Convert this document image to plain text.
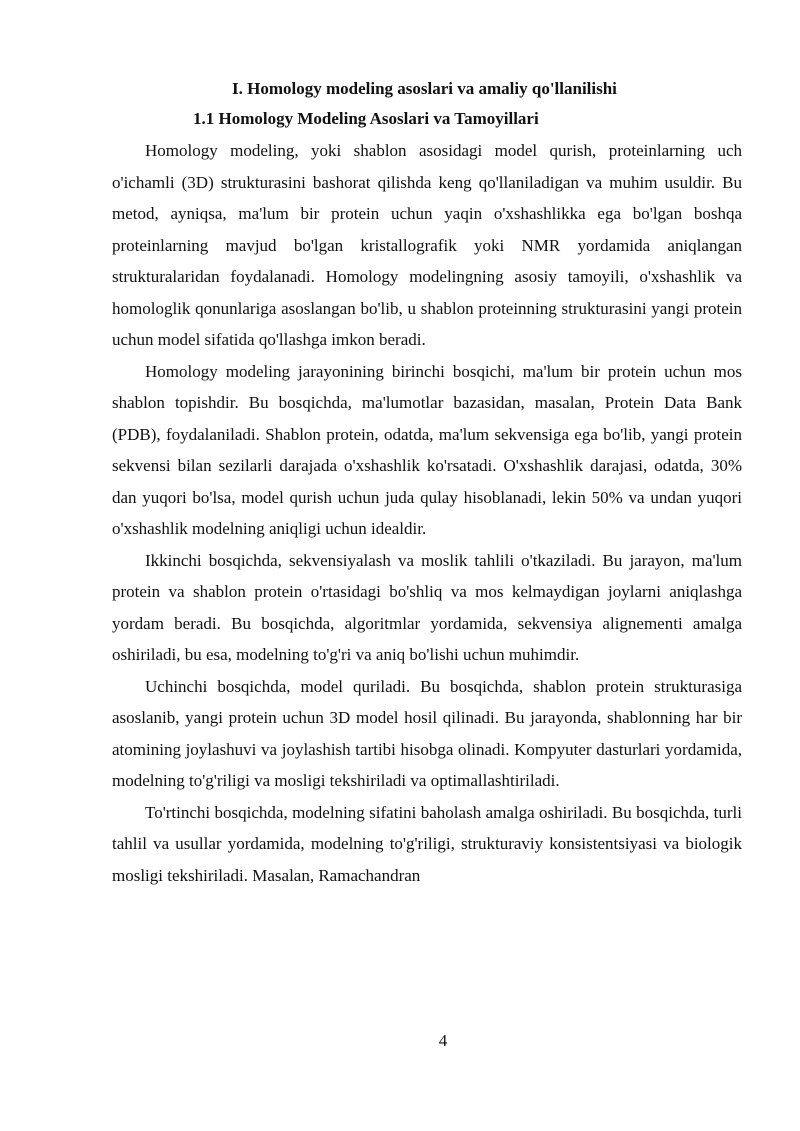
I. Homology modeling asoslari va amaliy qo'llanilishi
1.1 Homology Modeling Asoslari va Tamoyillari

Homology modeling, yoki shablon asosidagi model qurish, proteinlarning uch o'ichamli (3D) strukturasini bashorat qilishda keng qo'llaniladigan va muhim usuldir. Bu metod, ayniqsa, ma'lum bir protein uchun yaqin o'xshashlikka ega bo'lgan boshqa proteinlarning mavjud bo'lgan kristallografik yoki NMR yordamida aniqlangan strukturalaridan foydalanadi. Homology modelingning asosiy tamoyili, o'xshashlik va homologlik qonunlariga asoslangan bo'lib, u shablon proteinning strukturasini yangi protein uchun model sifatida qo'llashga imkon beradi.

Homology modeling jarayonining birinchi bosqichi, ma'lum bir protein uchun mos shablon topishdir. Bu bosqichda, ma'lumotlar bazasidan, masalan, Protein Data Bank (PDB), foydalaniladi. Shablon protein, odatda, ma'lum sekvensiga ega bo'lib, yangi protein sekvensi bilan sezilarli darajada o'xshashlik ko'rsatadi. O'xshashlik darajasi, odatda, 30% dan yuqori bo'lsa, model qurish uchun juda qulay hisoblanadi, lekin 50% va undan yuqori o'xshashlik modelning aniqligi uchun idealdir.

Ikkinchi bosqichda, sekvensiyalash va moslik tahlili o'tkaziladi. Bu jarayon, ma'lum protein va shablon protein o'rtasidagi bo'shliq va mos kelmaydigan joylarni aniqlashga yordam beradi. Bu bosqichda, algoritmlar yordamida, sekvensiya alignementi amalga oshiriladi, bu esa, modelning to'g'ri va aniq bo'lishi uchun muhimdir.

Uchinchi bosqichda, model quriladi. Bu bosqichda, shablon protein strukturasiga asoslanib, yangi protein uchun 3D model hosil qilinadi. Bu jarayonda, shablonning har bir atomining joylashuvi va joylashish tartibi hisobga olinadi. Kompyuter dasturlari yordamida, modelning to'g'riligi va mosligi tekshiriladi va optimallashtiriladi.

To'rtinchi bosqichda, modelning sifatini baholash amalga oshiriladi. Bu bosqichda, turli tahlil va usullar yordamida, modelning to'g'riligi, strukturaviy konsistentsiyasi va biologik mosligi tekshiriladi. Masalan, Ramachandran

4
